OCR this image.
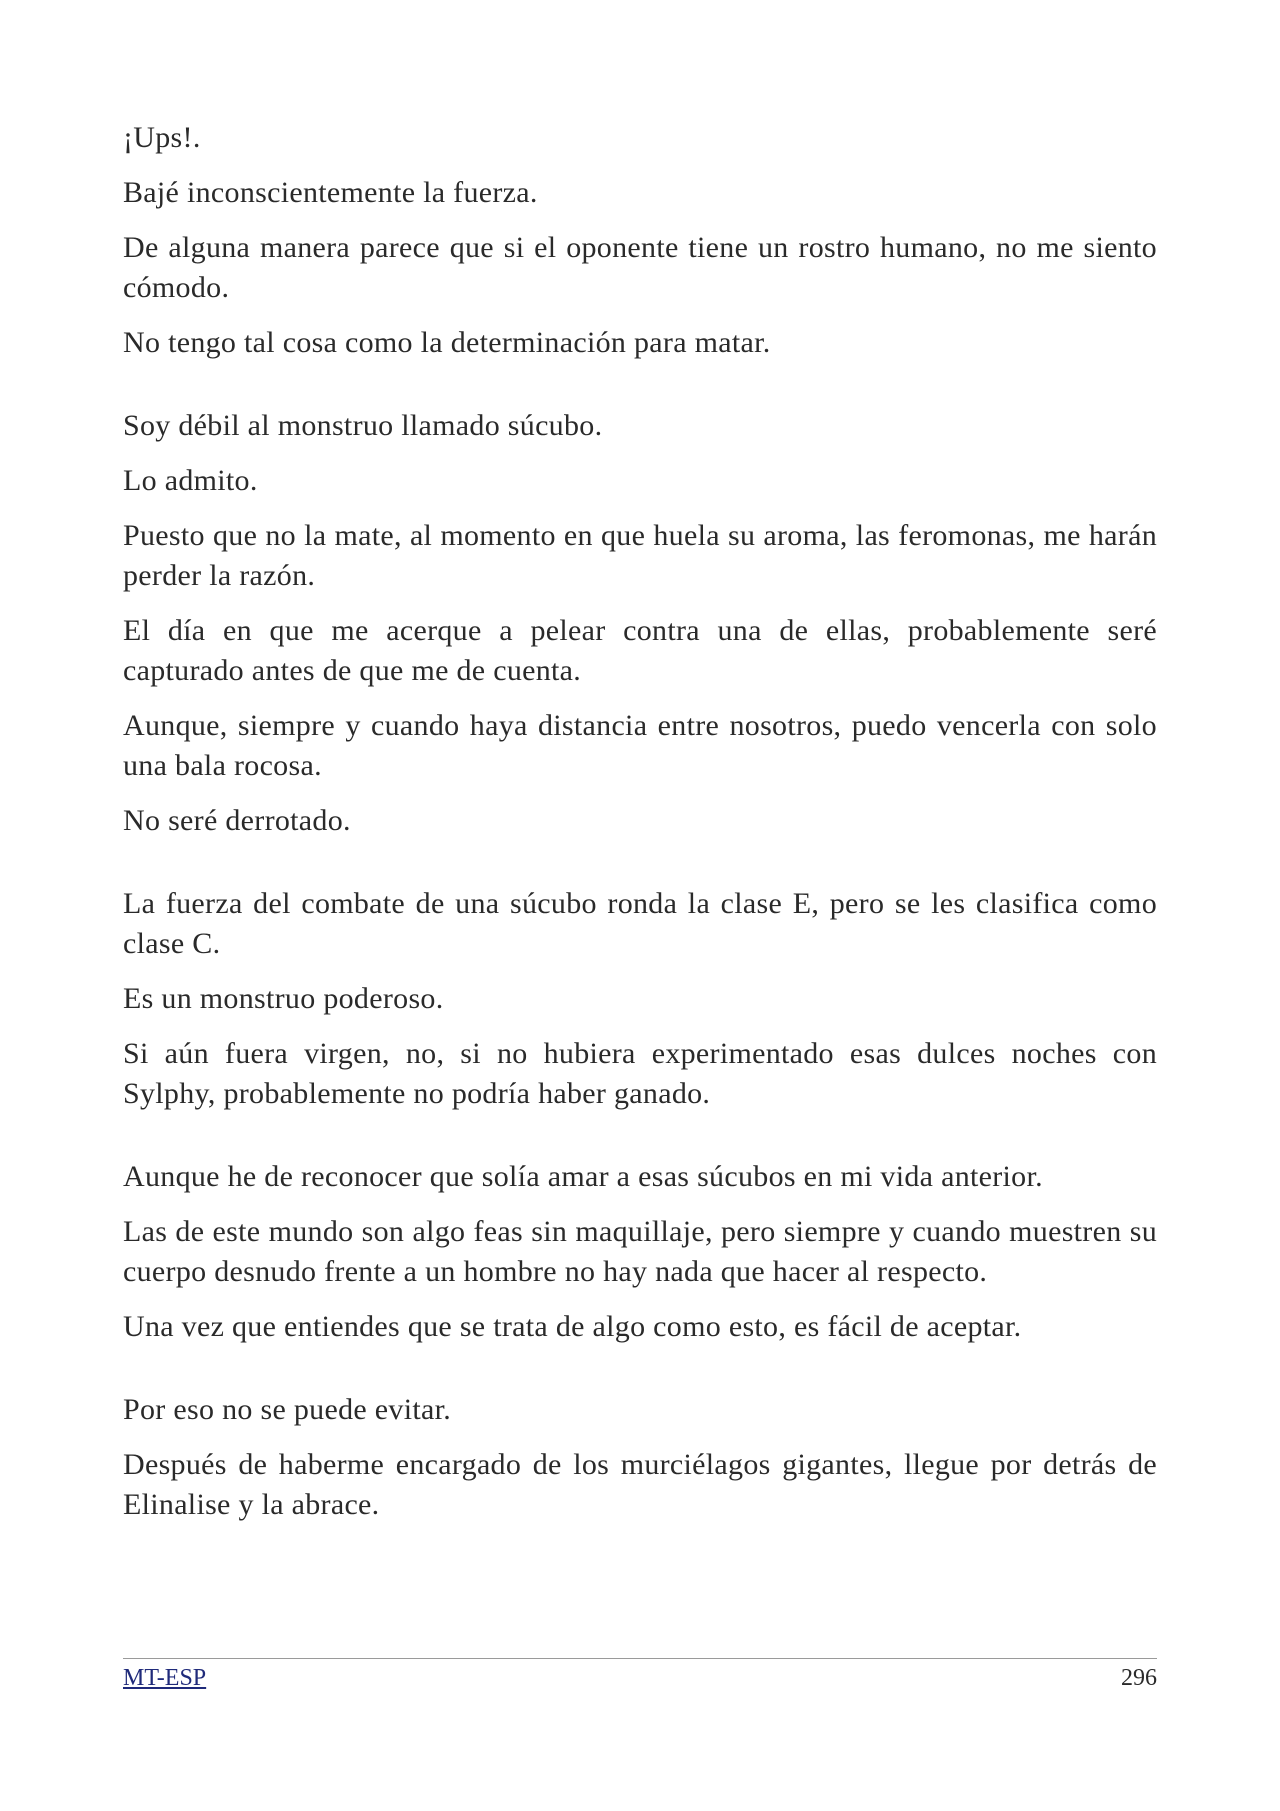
¡Ups!.

Bajé inconscientemente la fuerza.

De alguna manera parece que si el oponente tiene un rostro humano, no me siento cómodo.

No tengo tal cosa como la determinación para matar.

Soy débil al monstruo llamado súcubo.

Lo admito.

Puesto que no la mate, al momento en que huela su aroma, las feromonas, me harán perder la razón.

El día en que me acerque a pelear contra una de ellas, probablemente seré capturado antes de que me de cuenta.

Aunque, siempre y cuando haya distancia entre nosotros, puedo vencerla con solo una bala rocosa.

No seré derrotado.

La fuerza del combate de una súcubo ronda la clase E, pero se les clasifica como clase C.

Es un monstruo poderoso.

Si aún fuera virgen, no, si no hubiera experimentado esas dulces noches con Sylphy, probablemente no podría haber ganado.

Aunque he de reconocer que solía amar a esas súcubos en mi vida anterior.

Las de este mundo son algo feas sin maquillaje, pero siempre y cuando muestren su cuerpo desnudo frente a un hombre no hay nada que hacer al respecto.

Una vez que entiendes que se trata de algo como esto, es fácil de aceptar.

Por eso no se puede evitar.

Después de haberme encargado de los murciélagos gigantes, llegue por detrás de Elinalise y la abrace.

MT-ESP	296
